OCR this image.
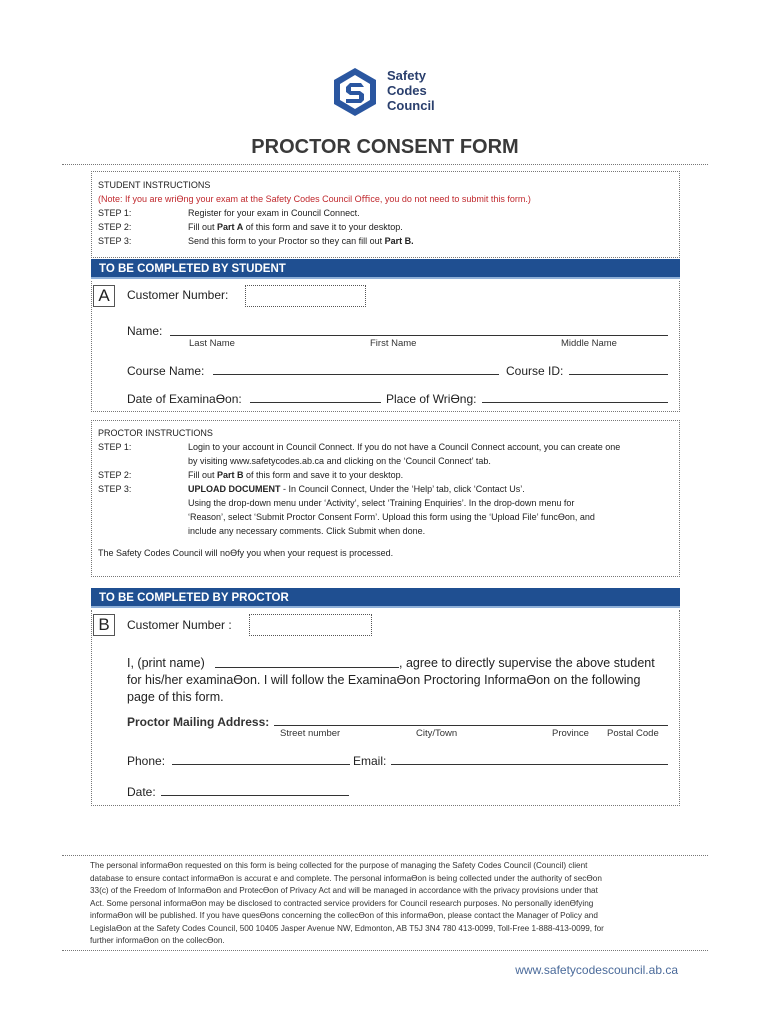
Safety
Codes
Council
PROCTOR CONSENT FORM
STUDENT INSTRUCTIONS
(Note: If you are wriƟng your exam at the Safety Codes Council Oﬃce, you do not need to submit this form.)
STEP 1:	Register for your exam in Council Connect.
STEP 2:	Fill out Part A of this form and save it to your desktop.
STEP 3:	Send this form to your Proctor so they can ﬁll out Part B.
TO BE COMPLETED BY STUDENT
A	Customer Number:
Name:
Last Name	First Name	Middle Name
Course Name:	Course ID:
Date of ExaminaƟon:	Place of WriƟng:
PROCTOR INSTRUCTIONS
STEP 1:	Login to your account in Council Connect. If you do not have a Council Connect account, you can create one
by visiting www.safetycodes.ab.ca and clicking on the ‘Council Connect’ tab.
STEP 2:	Fill out Part B of this form and save it to your desktop.
STEP 3:	UPLOAD DOCUMENT - In Council Connect, Under the ‘Help’ tab, click ‘Contact Us’.
Using the drop-down menu under ‘Activity’, select ‘Training Enquiries’. In the drop-down menu for
‘Reason’, select ‘Submit Proctor Consent Form’. Upload this form using the ‘Upload File’ funcƟon, and
include any necessary comments. Click Submit when done.
The Safety Codes Council will noƟfy you when your request is processed.
TO BE COMPLETED BY PROCTOR
B	Customer Number :
I, (print name)	, agree to directly supervise the above student
for his/her examinaƟon. I will follow the ExaminaƟon Proctoring InformaƟon on the following
page of this form.
Proctor Mailing Address:
Street number	City/Town	Province Postal Code
Phone:	Email:
Date:
The personal informaƟon requested on this form is being collected for the purpose of managing the Safety Codes Council (Council) client
database to ensure contact informaƟon is accurat e and complete. The personal informaƟon is being collected under the authority of secƟon
33(c) of the Freedom of InformaƟon and ProtecƟon of Privacy Act and will be managed in accordance with the privacy provisions under that
Act. Some personal informaƟon may be disclosed to contracted service providers for Council research purposes. No personally idenƟfying
informaƟon will be published. If you have quesƟons concerning the collecƟon of this informaƟon, please contact the Manager of Policy and
LegislaƟon at the Safety Codes Council, 500 10405 Jasper Avenue NW, Edmonton, AB T5J 3N4 780 413-0099, Toll-Free 1-888-413-0099, for
further informaƟon on the collecƟon.
www.safetycodescouncil.ab.ca
